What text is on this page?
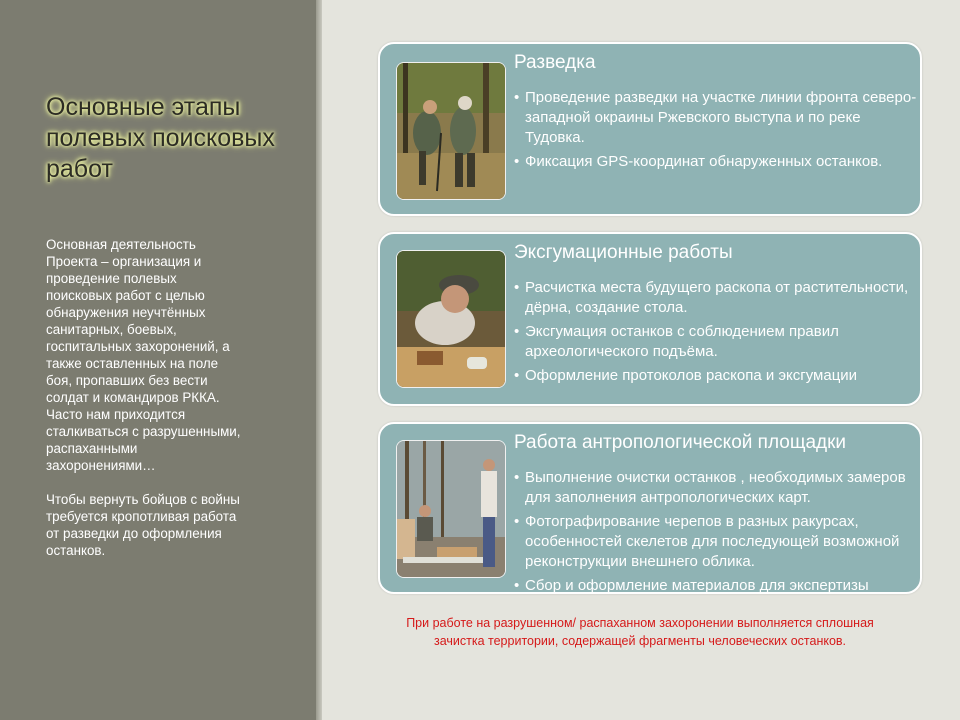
Основные этапы полевых поисковых работ

Основная деятельность
Проекта – организация и
проведение полевых
поисковых работ с целью
обнаружения неучтённых
санитарных, боевых,
госпитальных захоронений, а
также оставленных на поле
боя, пропавших без вести
солдат и командиров РККА.
Часто нам приходится
сталкиваться с разрушенными,
распаханными
захоронениями…

Чтобы вернуть бойцов с войны
требуется кропотливая работа
от разведки до оформления
останков.

Разведка
• Проведение разведки на участке линии фронта северо-западной окраины Ржевского выступа и по реке Тудовка.
• Фиксация GPS-координат обнаруженных останков.
Эксгумационные работы
• Расчистка места будущего раскопа от растительности, дёрна, создание стола.
• Эксгумация останков с соблюдением правил археологического подъёма.
• Оформление протоколов раскопа и эксгумации
Работа антропологической площадки
• Выполнение очистки останков , необходимых замеров для заполнения антропологических карт.
• Фотографирование черепов в разных ракурсах, особенностей скелетов для последующей возможной реконструкции внешнего облика.
• Сбор и оформление материалов для экспертизы
При работе на разрушенном/ распаханном захоронении выполняется сплошная зачистка территории, содержащей фрагменты человеческих останков.
